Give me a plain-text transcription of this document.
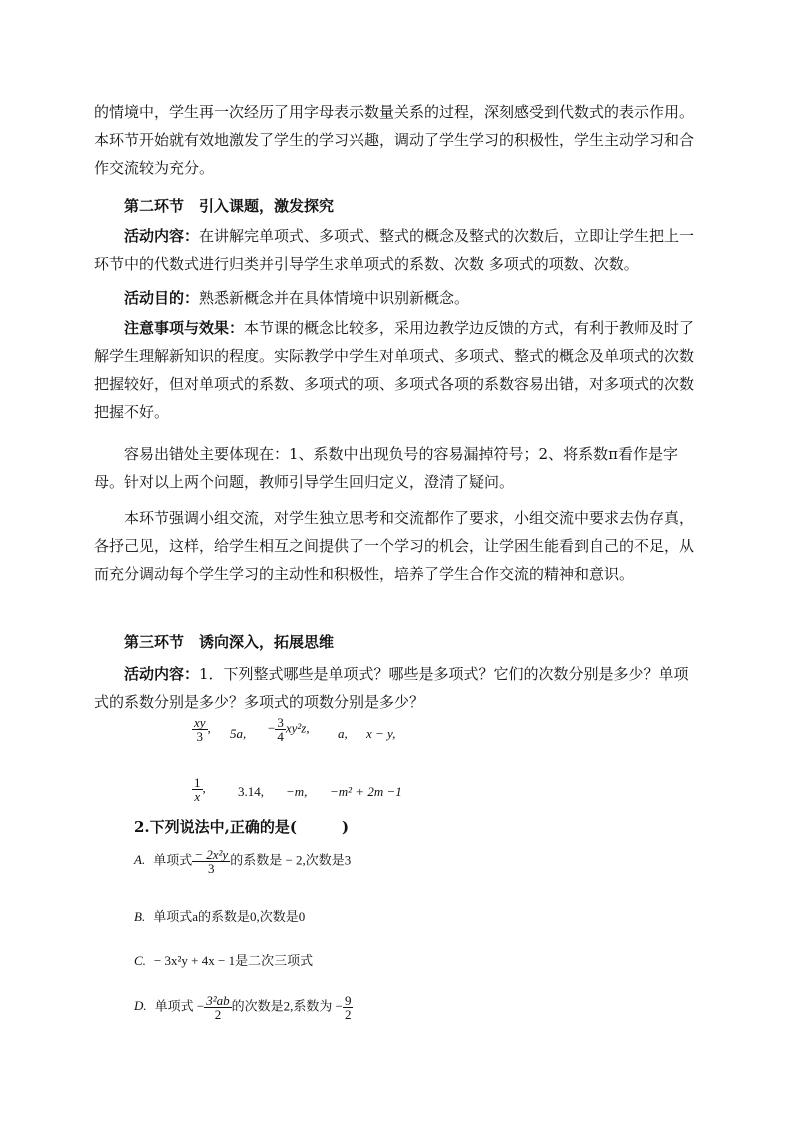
的情境中，学生再一次经历了用字母表示数量关系的过程，深刻感受到代数式的表示作用。本环节开始就有效地激发了学生的学习兴趣，调动了学生学习的积极性，学生主动学习和合作交流较为充分。

第二环节　引入课题，激发探究

活动内容：在讲解完单项式、多项式、整式的概念及整式的次数后，立即让学生把上一环节中的代数式进行归类并引导学生求单项式的系数、次数 多项式的项数、次数。

活动目的：熟悉新概念并在具体情境中识别新概念。

注意事项与效果：本节课的概念比较多，采用边教学边反馈的方式，有利于教师及时了解学生理解新知识的程度。实际教学中学生对单项式、多项式、整式的概念及单项式的次数把握较好，但对单项式的系数、多项式的项、多项式各项的系数容易出错，对多项式的次数把握不好。

容易出错处主要体现在：1、系数中出现负号的容易漏掉符号；2、将系数π看作是字母。针对以上两个问题，教师引导学生回归定义，澄清了疑问。

本环节强调小组交流，对学生独立思考和交流都作了要求，小组交流中要求去伪存真，各抒己见，这样，给学生相互之间提供了一个学习的机会，让学困生能看到自己的不足，从而充分调动每个学生学习的主动性和积极性，培养了学生合作交流的精神和意识。

第三环节　诱向深入，拓展思维

活动内容：1．下列整式哪些是单项式？哪些是多项式？它们的次数分别是多少？单项式的系数分别是多少？多项式的项数分别是多少？

$\frac{xy}{3}$ , 5a, − $\frac{3}{4} xy^2z$, a, x − y,
$\frac{1}{x}$ , 3.14, −m, −m² + 2m −1
2.下列说法中,正确的是(　　　)
A. 单项式 $\frac{\text{− 2x²y}}{3}$ 的系数是 − 2,次数是3
B. 单项式a的系数是0,次数是0
C. − 3x²y + 4x − 1是二次三项式
D. 单项式 − $\frac{\text{3²ab}}{2}$ 的次数是2,系数为 − $\frac{9}{2}$
